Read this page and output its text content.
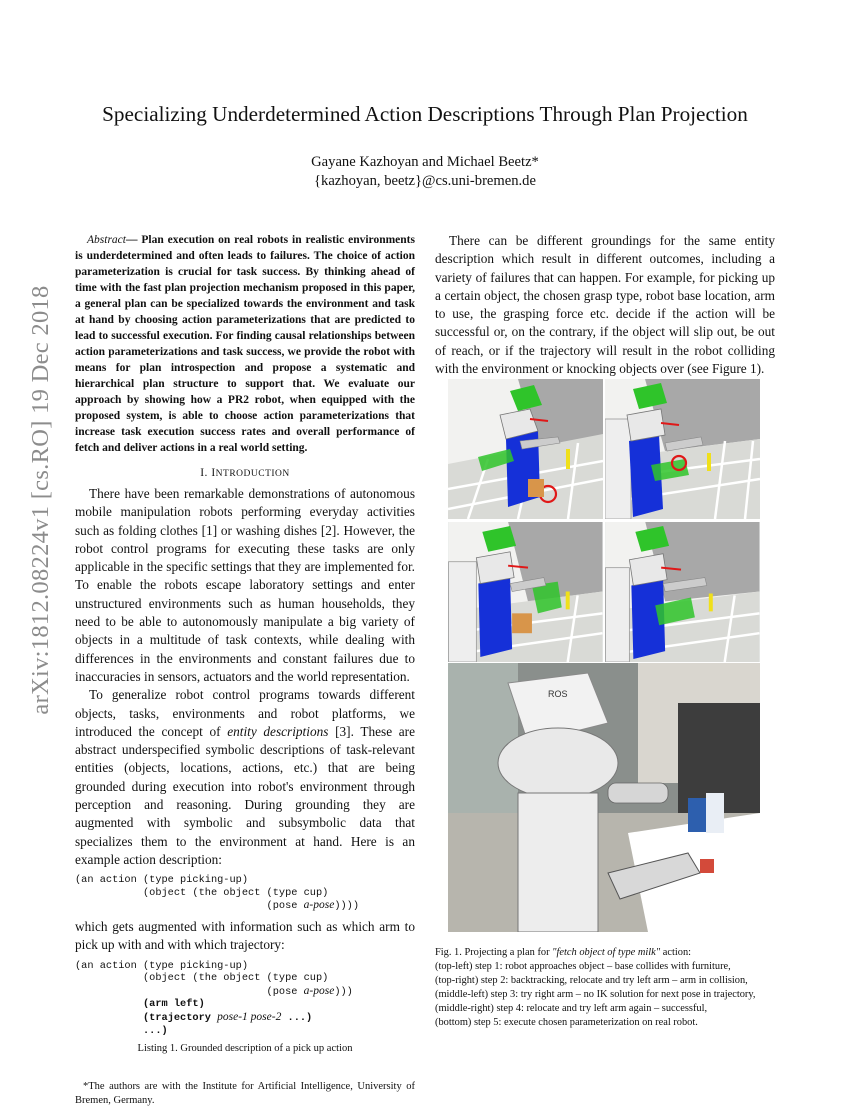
arXiv:1812.08224v1 [cs.RO] 19 Dec 2018
Specializing Underdetermined Action Descriptions Through Plan Projection
Gayane Kazhoyan and Michael Beetz*
{kazhoyan, beetz}@cs.uni-bremen.de

Abstract— Plan execution on real robots in realistic environments is underdetermined and often leads to failures. The choice of action parameterization is crucial for task success. By thinking ahead of time with the fast plan projection mechanism proposed in this paper, a general plan can be specialized towards the environment and task at hand by choosing action parameterizations that are predicted to lead to successful execution. For finding causal relationships between action parameterizations and task success, we provide the robot with means for plan introspection and propose a systematic and hierarchical plan structure to support that. We evaluate our approach by showing how a PR2 robot, when equipped with the proposed system, is able to choose action parameterizations that increase task execution success rates and overall performance of fetch and deliver actions in a real world setting.

I. INTRODUCTION

There have been remarkable demonstrations of autonomous mobile manipulation robots performing everyday activities such as folding clothes [1] or washing dishes [2]. However, the robot control programs for executing these tasks are only applicable in the specific settings that they are implemented for. To enable the robots escape laboratory settings and enter unstructured environments such as human households, they need to be able to autonomously manipulate a big variety of objects in a multitude of task contexts, while dealing with differences in the environments and constant failures due to inaccuracies in sensors, actuators and the world representation.

To generalize robot control programs towards different objects, tasks, environments and robot platforms, we introduced the concept of entity descriptions [3]. These are abstract underspecified symbolic descriptions of task-relevant entities (objects, locations, actions, etc.) that are being grounded during execution into robot's environment through perception and reasoning. During grounding they are augmented with symbolic and subsymbolic data that specializes them to the environment at hand. Here is an example action description:

(an action (type picking-up)
(object (the object (type cup)
(pose a-pose))))

which gets augmented with information such as which arm to pick up with and with which trajectory:

(an action (type picking-up)
(object (the object (type cup)
(pose a-pose)))
(arm left)
(trajectory pose-1 pose-2 ...)
...)

Listing 1. Grounded description of a pick up action

*The authors are with the Institute for Artificial Intelligence, University of Bremen, Germany.

There can be different groundings for the same entity description which result in different outcomes, including a variety of failures that can happen. For example, for picking up a certain object, the chosen grasp type, robot base location, arm to use, the grasping force etc. decide if the action will be successful or, on the contrary, if the object will slip out, be out of reach, or if the trajectory will result in the robot colliding with the environment or knocking objects over (see Figure 1).

ROS

Fig. 1. Projecting a plan for "fetch object of type milk" action:

(top-left) step 1: robot approaches object – base collides with furniture,

(top-right) step 2: backtracking, relocate and try left arm – arm in collision,

(middle-left) step 3: try right arm – no IK solution for next pose in trajectory,

(middle-right) step 4: relocate and try left arm again – successful,

(bottom) step 5: execute chosen parameterization on real robot.
